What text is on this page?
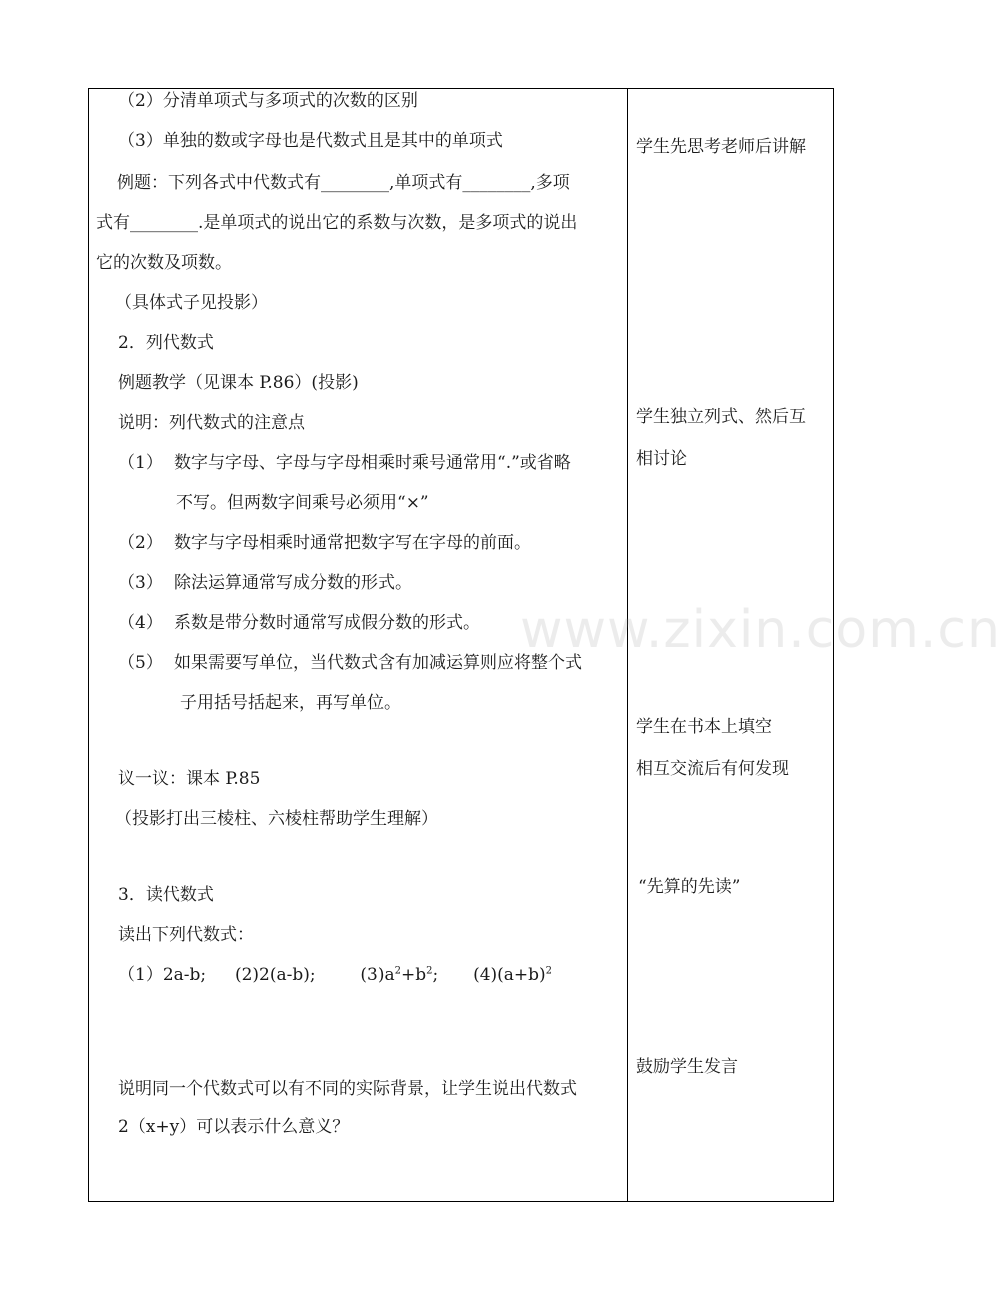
（2）分清单项式与多项式的次数的区别
（3）单独的数或字母也是代数式且是其中的单项式
例题：下列各式中代数式有________,单项式有________,多项
式有________.是单项式的说出它的系数与次数，是多项式的说出
它的次数及项数。
（具体式子见投影）
2．列代数式
例题教学（见课本 P.86）(投影)
说明：列代数式的注意点
（1） 数字与字母、字母与字母相乘时乘号通常用“.”或省略
不写。但两数字间乘号必须用“×”
（2） 数字与字母相乘时通常把数字写在字母的前面。
（3） 除法运算通常写成分数的形式。
（4） 系数是带分数时通常写成假分数的形式。
（5） 如果需要写单位，当代数式含有加减运算则应将整个式
子用括号括起来，再写单位。
议一议：课本 P.85
（投影打出三棱柱、六棱柱帮助学生理解）
3．读代数式
读出下列代数式：
（1）2a-b; (2)2(a-b);	$(3)a^2+b^2$; $(4)(a+b)^2$
说明同一个代数式可以有不同的实际背景，让学生说出代数式
2（x+y）可以表示什么意义？
学生先思考老师后讲解
学生独立列式、然后互
相讨论
学生在书本上填空
相互交流后有何发现
“先算的先读”
鼓励学生发言
www.zixin.com.cn
